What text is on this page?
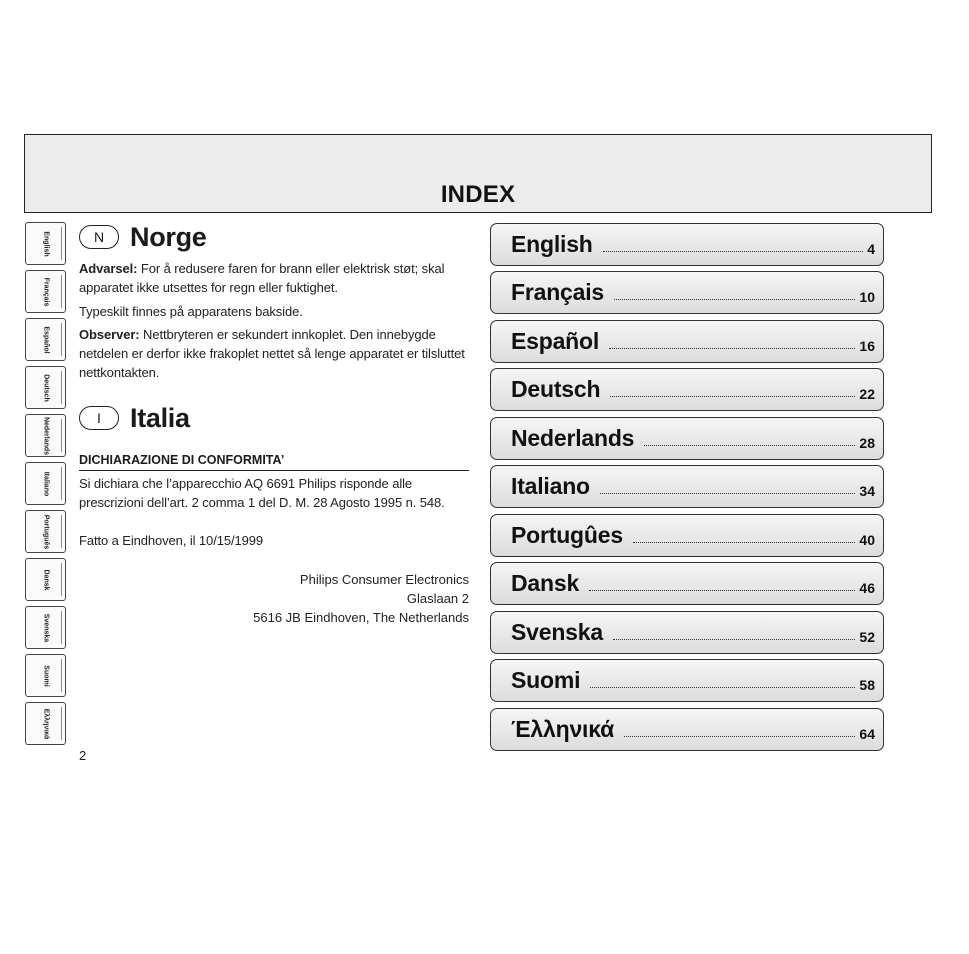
INDEX
English
Français
Español
Deutsch
Nederlands
Italiano
Português
Dansk
Svenska
Suomi
Ελληνικά
N Norge

Advarsel: For å redusere faren for brann eller elektrisk støt; skal apparatet ikke utsettes for regn eller fuktighet.

Typeskilt finnes på apparatens bakside.

Observer: Nettbryteren er sekundert innkoplet. Den innebygde netdelen er derfor ikke frakoplet nettet så lenge apparatet er tilsluttet nettkontakten.

I	Italia
DICHIARAZIONE DI CONFORMITA’

Si dichiara che l’apparecchio AQ 6691 Philips risponde alle prescrizioni dell’art. 2 comma 1 del D. M. 28 Agosto 1995 n. 548.

Fatto a Eindhoven, il 10/15/1999

Philips Consumer Electronics
Glaslaan 2
5616 JB Eindhoven, The Netherlands
2
English	4
Français	10
Español	16
Deutsch	22
Nederlands	28
Italiano	34
Portugûes	40
Dansk	46
Svenska	52
Suomi	58
Έλληνικά	64
